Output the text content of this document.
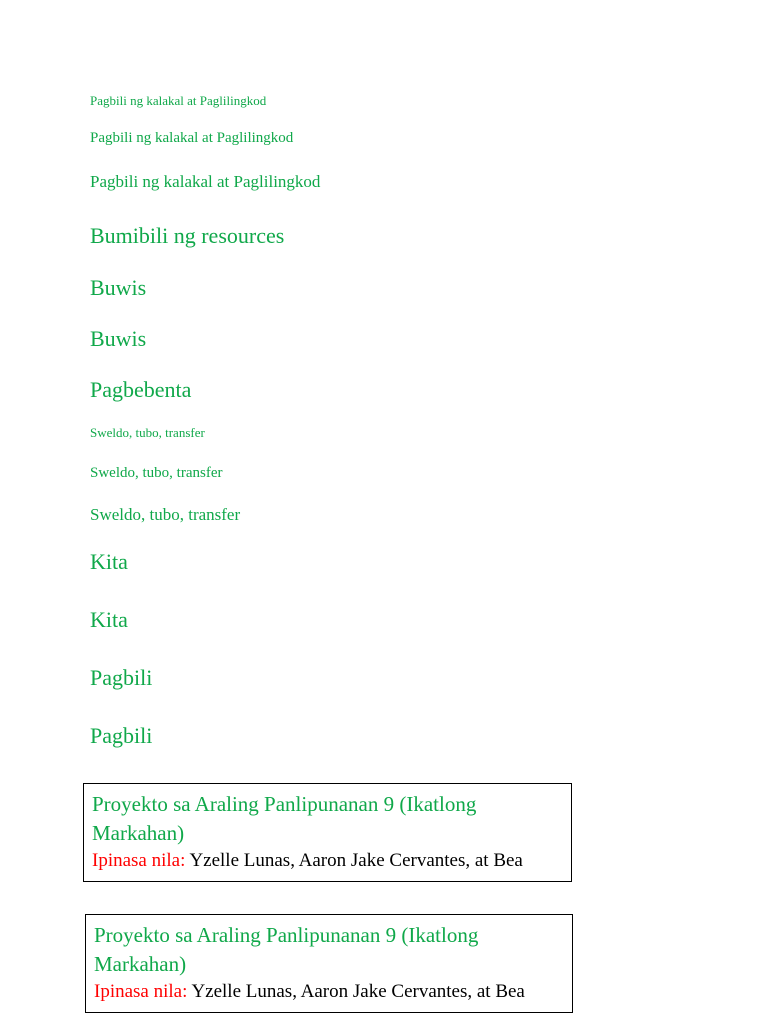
Pagbili ng kalakal at Paglilingkod
Pagbili ng kalakal at Paglilingkod
Pagbili ng kalakal at Paglilingkod
Bumibili ng resources
Buwis
Buwis
Pagbebenta
Sweldo, tubo, transfer
Sweldo, tubo, transfer
Sweldo, tubo, transfer
Kita
Kita
Pagbili
Pagbili
Proyekto sa Araling Panlipunanan 9 (Ikatlong Markahan)
Ipinasa nila: Yzelle Lunas, Aaron Jake Cervantes, at Bea
Proyekto sa Araling Panlipunanan 9 (Ikatlong Markahan)
Ipinasa nila: Yzelle Lunas, Aaron Jake Cervantes, at Bea
